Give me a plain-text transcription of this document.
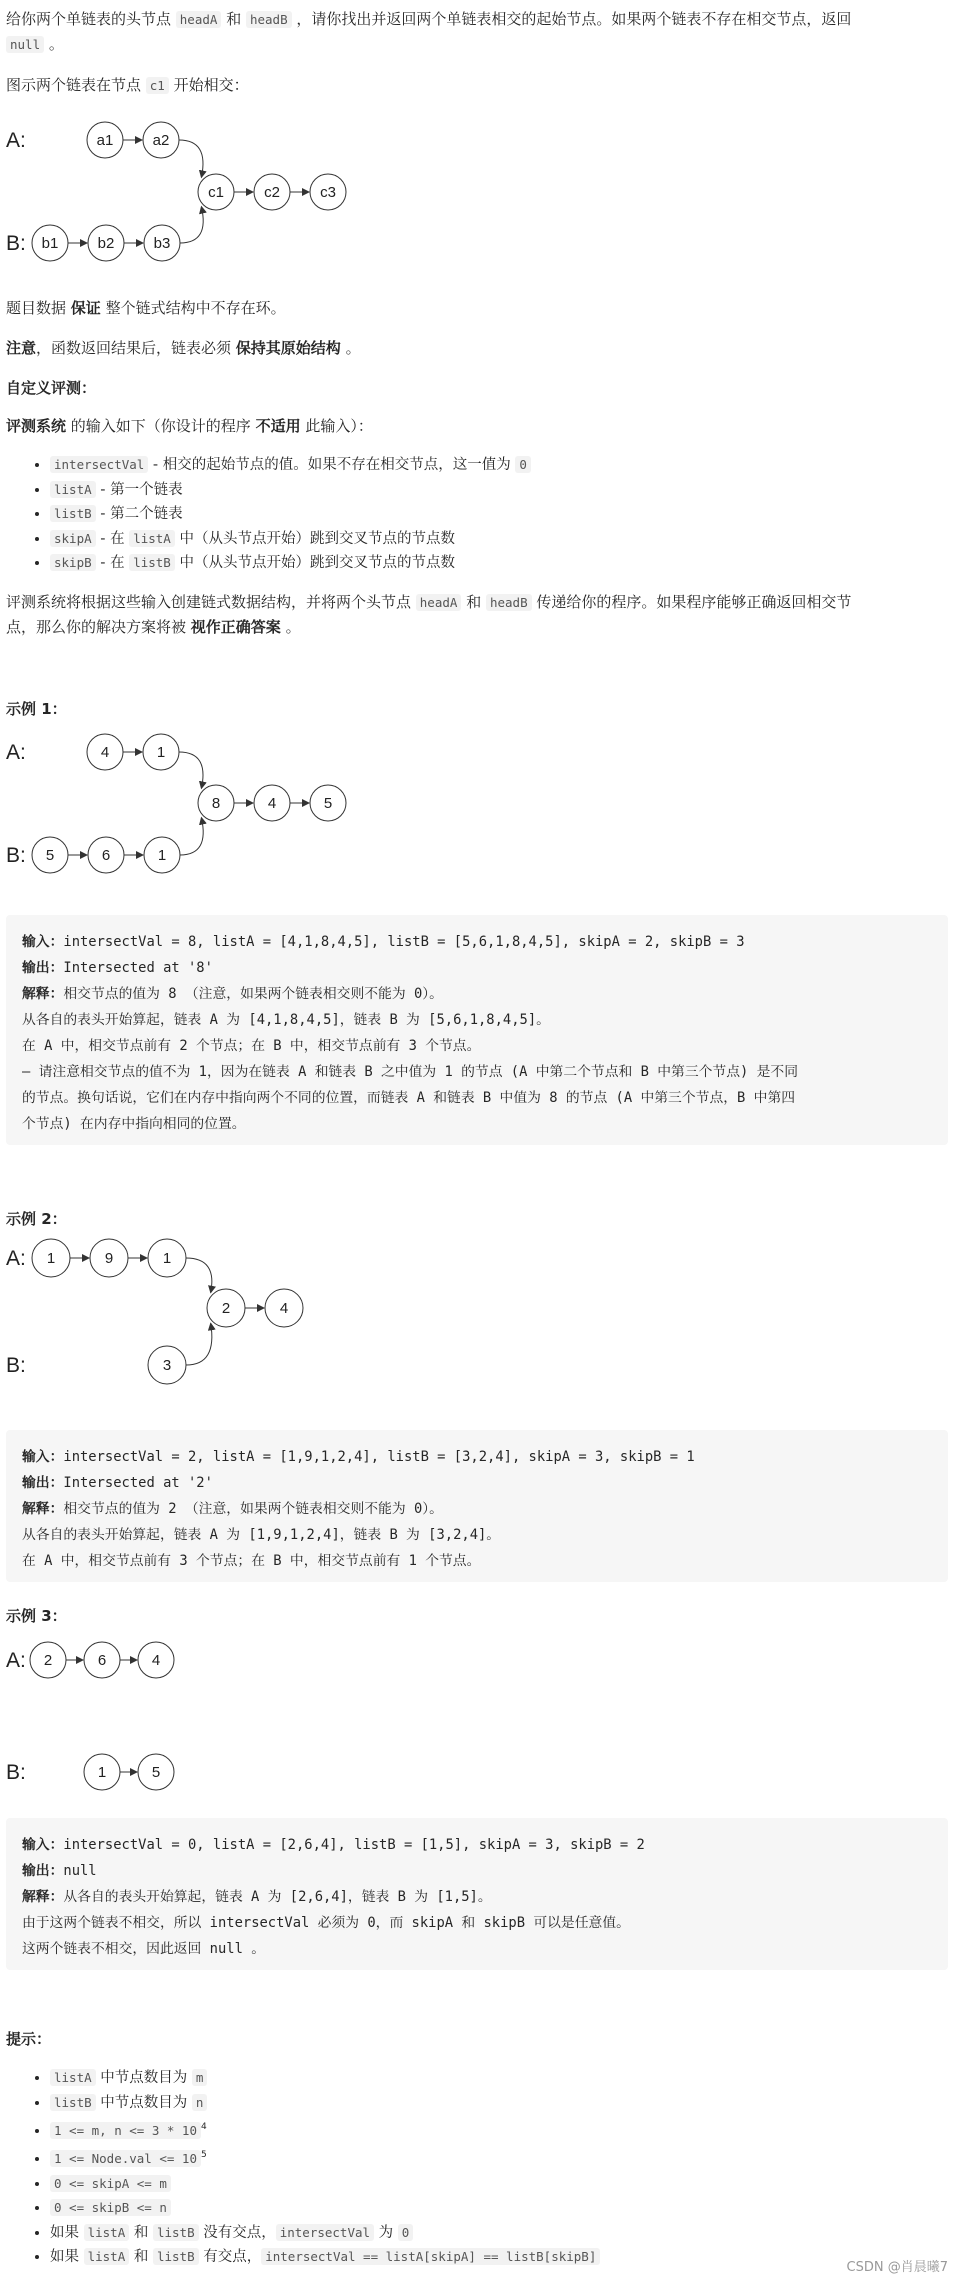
给你两个单链表的头节点 headA 和 headB ，请你找出并返回两个单链表相交的起始节点。如果两个链表不存在相交节点，返回
null 。
图示两个链表在节点 c1 开始相交：
A:
B:
a1	a2
b1	b2	b3
c1	c2	c3
题目数据 保证 整个链式结构中不存在环。
注意，函数返回结果后，链表必须 保持其原始结构 。
自定义评测：
评测系统 的输入如下（你设计的程序 不适用 此输入）：
• intersectVal - 相交的起始节点的值。如果不存在相交节点，这一值为 0
• listA - 第一个链表
• listB - 第二个链表
• skipA - 在 listA 中（从头节点开始）跳到交叉节点的节点数
• skipB - 在 listB 中（从头节点开始）跳到交叉节点的节点数
评测系统将根据这些输入创建链式数据结构，并将两个头节点 headA 和 headB 传递给你的程序。如果程序能够正确返回相交节
点，那么你的解决方案将被 视作正确答案 。
示例 1：
A:
B:
4	1
5	6	1
8	4	5
输入：intersectVal = 8, listA = [4,1,8,4,5], listB = [5,6,1,8,4,5], skipA = 2, skipB = 3
输出：Intersected at '8'
解释：相交节点的值为 8 （注意，如果两个链表相交则不能为 0）。
从各自的表头开始算起，链表 A 为 [4,1,8,4,5]，链表 B 为 [5,6,1,8,4,5]。
在 A 中，相交节点前有 2 个节点；在 B 中，相交节点前有 3 个节点。
— 请注意相交节点的值不为 1，因为在链表 A 和链表 B 之中值为 1 的节点 (A 中第二个节点和 B 中第三个节点) 是不同
的节点。换句话说，它们在内存中指向两个不同的位置，而链表 A 和链表 B 中值为 8 的节点 (A 中第三个节点，B 中第四
个节点) 在内存中指向相同的位置。
示例 2：
A:
B:
1	9	1
3
2	4
输入：intersectVal = 2, listA = [1,9,1,2,4], listB = [3,2,4], skipA = 3, skipB = 1
输出：Intersected at '2'
解释：相交节点的值为 2 （注意，如果两个链表相交则不能为 0）。
从各自的表头开始算起，链表 A 为 [1,9,1,2,4]，链表 B 为 [3,2,4]。
在 A 中，相交节点前有 3 个节点；在 B 中，相交节点前有 1 个节点。
示例 3：
A:
B:
2	6	4
1	5
输入：intersectVal = 0, listA = [2,6,4], listB = [1,5], skipA = 3, skipB = 2
输出：null
解释：从各自的表头开始算起，链表 A 为 [2,6,4]，链表 B 为 [1,5]。
由于这两个链表不相交，所以 intersectVal 必须为 0，而 skipA 和 skipB 可以是任意值。
这两个链表不相交，因此返回 null 。
提示：
• listA 中节点数目为 m
• listB 中节点数目为 n
• 1 <= m, n <= 3 * 10 $^4$
• 1 <= Node.val <= 10 $^5$
• 0 <= skipA <= m
• 0 <= skipB <= n
• 如果 listA 和 listB 没有交点， intersectVal 为 0
• 如果 listA 和 listB 有交点， intersectVal == listA[skipA] == listB[skipB]
CSDN @肖晨曦7
